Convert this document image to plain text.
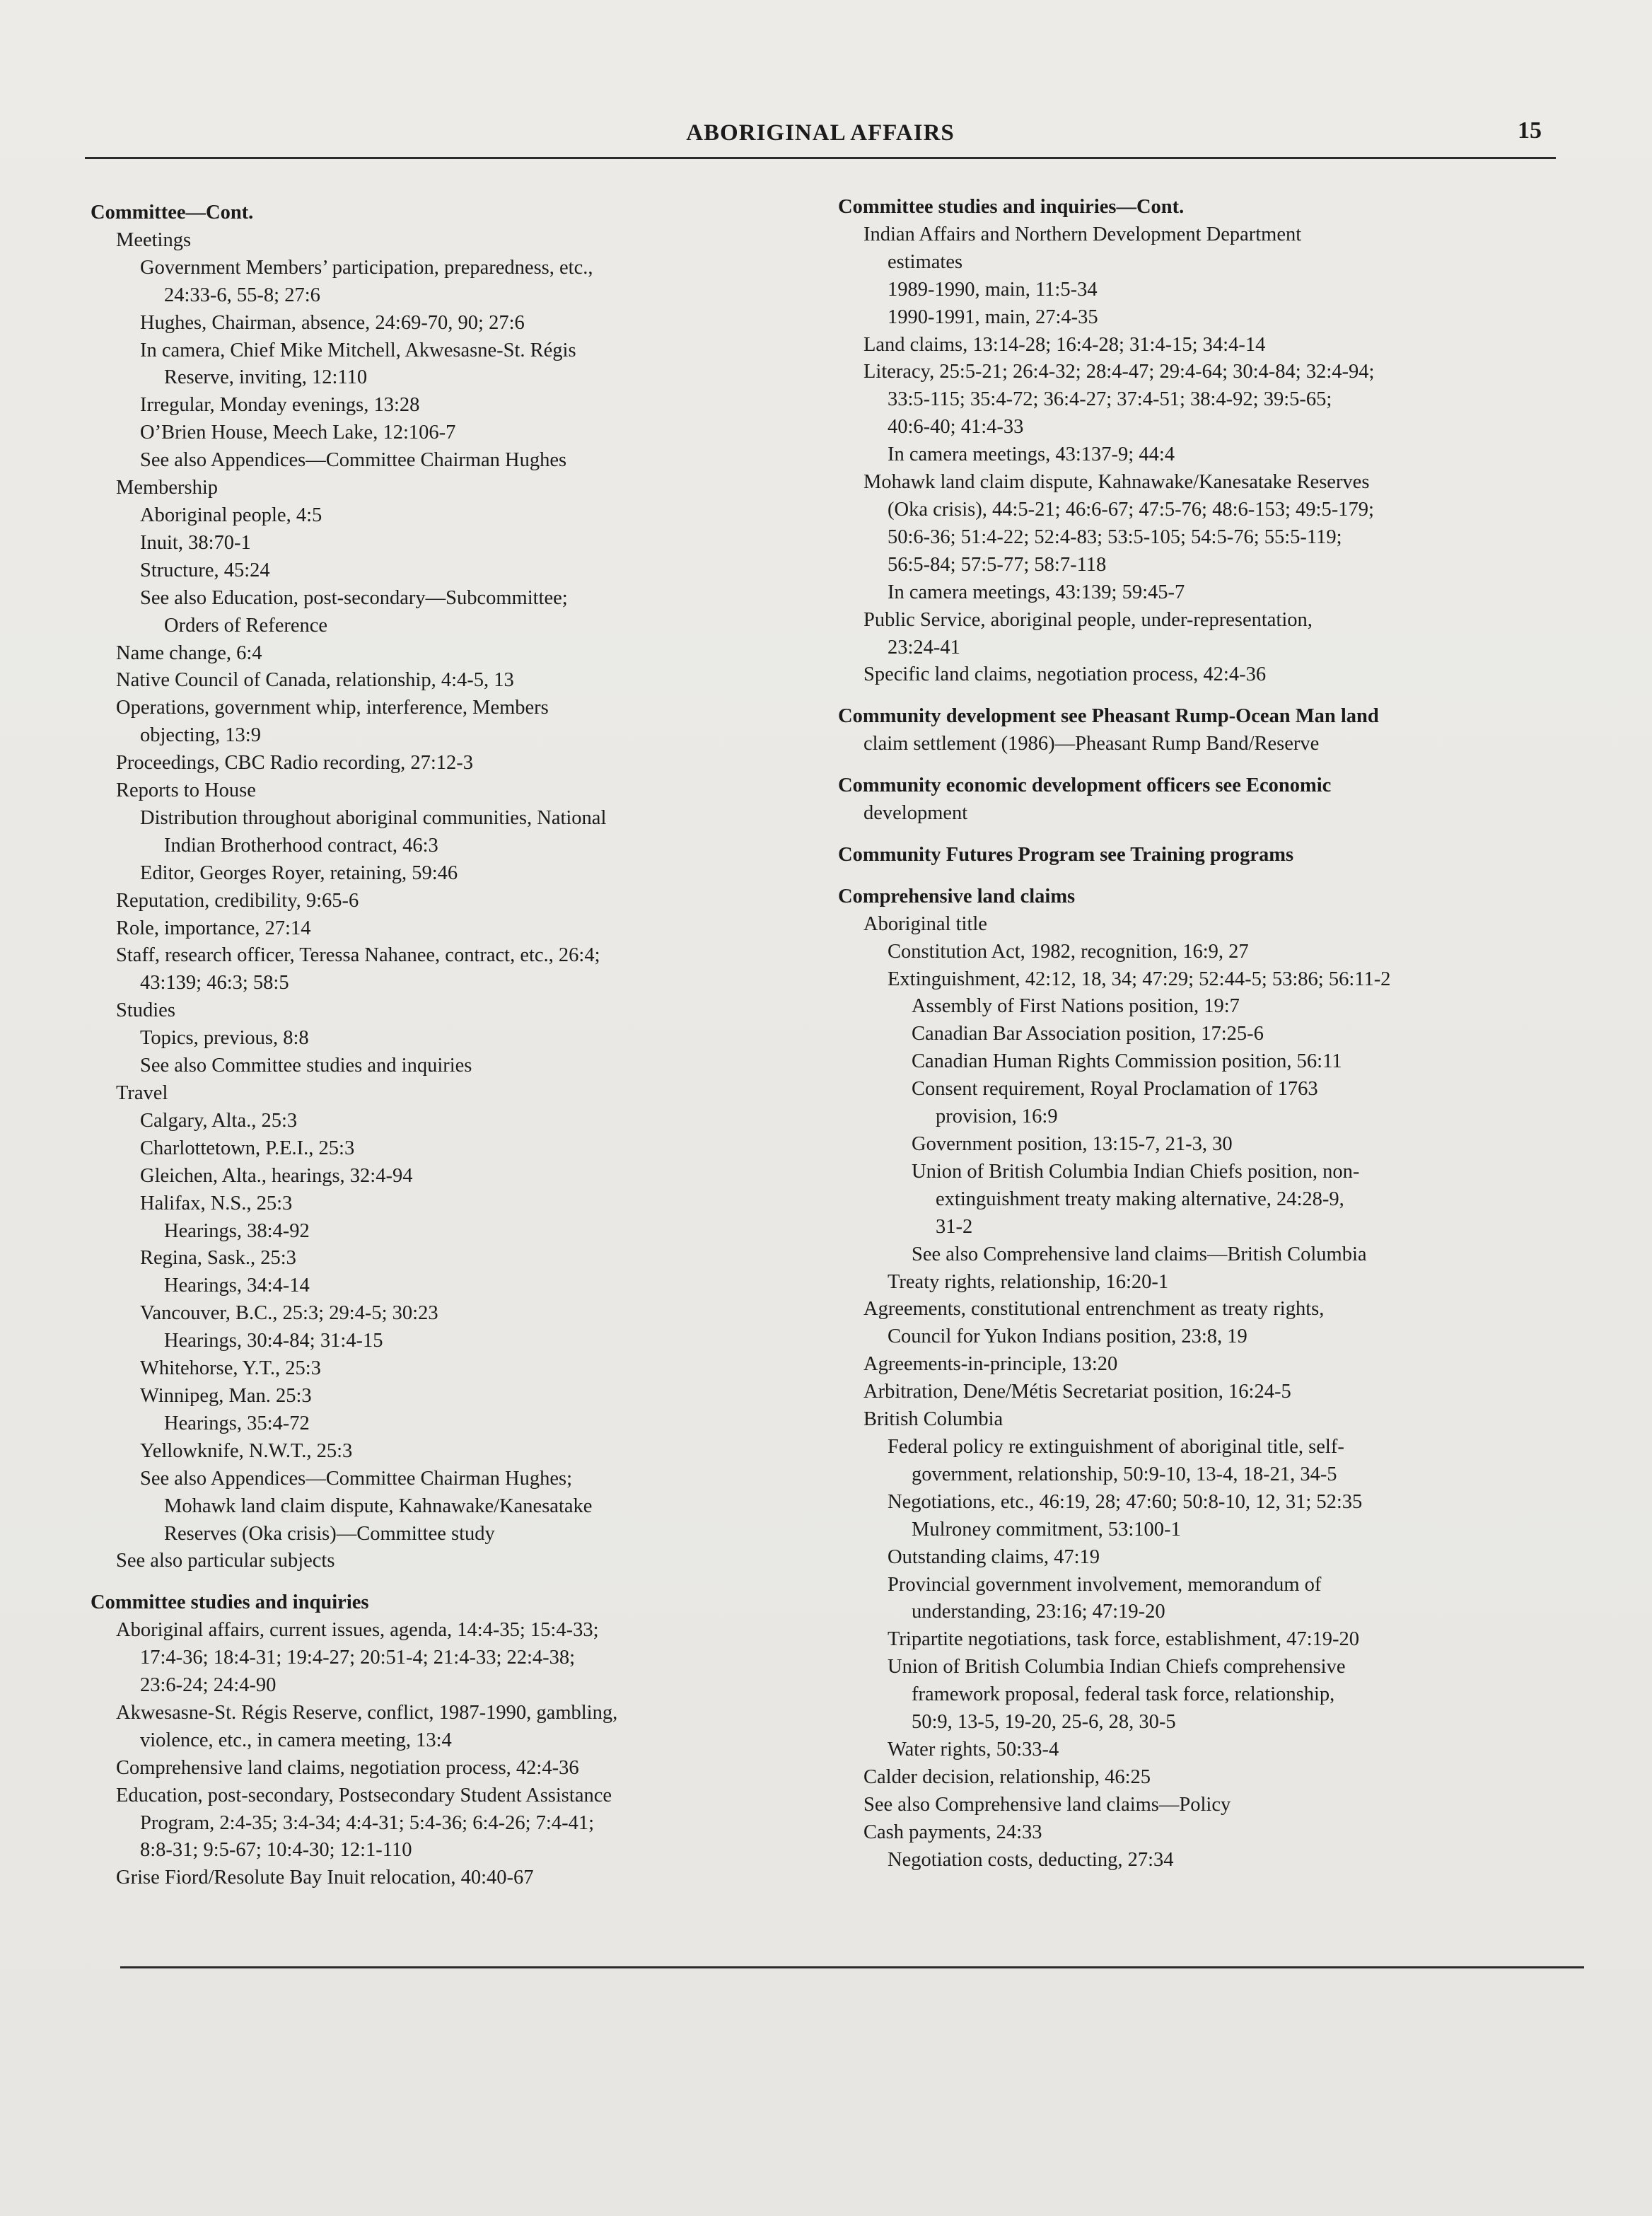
ABORIGINAL AFFAIRS	15
Committee—Cont.
Meetings
Government Members’ participation, preparedness, etc.,
24:33-6, 55-8; 27:6
Hughes, Chairman, absence, 24:69-70, 90; 27:6
In camera, Chief Mike Mitchell, Akwesasne-St. Régis
Reserve, inviting, 12:110
Irregular, Monday evenings, 13:28
O’Brien House, Meech Lake, 12:106-7
See also Appendices—Committee Chairman Hughes
Membership
Aboriginal people, 4:5
Inuit, 38:70-1
Structure, 45:24
See also Education, post-secondary—Subcommittee;
Orders of Reference
Name change, 6:4
Native Council of Canada, relationship, 4:4-5, 13
Operations, government whip, interference, Members
objecting, 13:9
Proceedings, CBC Radio recording, 27:12-3
Reports to House
Distribution throughout aboriginal communities, National
Indian Brotherhood contract, 46:3
Editor, Georges Royer, retaining, 59:46
Reputation, credibility, 9:65-6
Role, importance, 27:14
Staff, research officer, Teressa Nahanee, contract, etc., 26:4;
43:139; 46:3; 58:5
Studies
Topics, previous, 8:8
See also Committee studies and inquiries
Travel
Calgary, Alta., 25:3
Charlottetown, P.E.I., 25:3
Gleichen, Alta., hearings, 32:4-94
Halifax, N.S., 25:3
Hearings, 38:4-92
Regina, Sask., 25:3
Hearings, 34:4-14
Vancouver, B.C., 25:3; 29:4-5; 30:23
Hearings, 30:4-84; 31:4-15
Whitehorse, Y.T., 25:3
Winnipeg, Man. 25:3
Hearings, 35:4-72
Yellowknife, N.W.T., 25:3
See also Appendices—Committee Chairman Hughes;
Mohawk land claim dispute, Kahnawake/Kanesatake
Reserves (Oka crisis)—Committee study
See also particular subjects
Committee studies and inquiries
Aboriginal affairs, current issues, agenda, 14:4-35; 15:4-33;
17:4-36; 18:4-31; 19:4-27; 20:51-4; 21:4-33; 22:4-38;
23:6-24; 24:4-90
Akwesasne-St. Régis Reserve, conflict, 1987-1990, gambling,
violence, etc., in camera meeting, 13:4
Comprehensive land claims, negotiation process, 42:4-36
Education, post-secondary, Postsecondary Student Assistance
Program, 2:4-35; 3:4-34; 4:4-31; 5:4-36; 6:4-26; 7:4-41;
8:8-31; 9:5-67; 10:4-30; 12:1-110
Grise Fiord/Resolute Bay Inuit relocation, 40:40-67
Committee studies and inquiries—Cont.
Indian Affairs and Northern Development Department
estimates
1989-1990, main, 11:5-34
1990-1991, main, 27:4-35
Land claims, 13:14-28; 16:4-28; 31:4-15; 34:4-14
Literacy, 25:5-21; 26:4-32; 28:4-47; 29:4-64; 30:4-84; 32:4-94;
33:5-115; 35:4-72; 36:4-27; 37:4-51; 38:4-92; 39:5-65;
40:6-40; 41:4-33
In camera meetings, 43:137-9; 44:4
Mohawk land claim dispute, Kahnawake/Kanesatake Reserves
(Oka crisis), 44:5-21; 46:6-67; 47:5-76; 48:6-153; 49:5-179;
50:6-36; 51:4-22; 52:4-83; 53:5-105; 54:5-76; 55:5-119;
56:5-84; 57:5-77; 58:7-118
In camera meetings, 43:139; 59:45-7
Public Service, aboriginal people, under-representation,
23:24-41
Specific land claims, negotiation process, 42:4-36
Community development see Pheasant Rump-Ocean Man land
claim settlement (1986)—Pheasant Rump Band/Reserve
Community economic development officers see Economic
development
Community Futures Program see Training programs
Comprehensive land claims
Aboriginal title
Constitution Act, 1982, recognition, 16:9, 27
Extinguishment, 42:12, 18, 34; 47:29; 52:44-5; 53:86; 56:11-2
Assembly of First Nations position, 19:7
Canadian Bar Association position, 17:25-6
Canadian Human Rights Commission position, 56:11
Consent requirement, Royal Proclamation of 1763
provision, 16:9
Government position, 13:15-7, 21-3, 30
Union of British Columbia Indian Chiefs position, non-
extinguishment treaty making alternative, 24:28-9,
31-2
See also Comprehensive land claims—British Columbia
Treaty rights, relationship, 16:20-1
Agreements, constitutional entrenchment as treaty rights,
Council for Yukon Indians position, 23:8, 19
Agreements-in-principle, 13:20
Arbitration, Dene/Métis Secretariat position, 16:24-5
British Columbia
Federal policy re extinguishment of aboriginal title, self-
government, relationship, 50:9-10, 13-4, 18-21, 34-5
Negotiations, etc., 46:19, 28; 47:60; 50:8-10, 12, 31; 52:35
Mulroney commitment, 53:100-1
Outstanding claims, 47:19
Provincial government involvement, memorandum of
understanding, 23:16; 47:19-20
Tripartite negotiations, task force, establishment, 47:19-20
Union of British Columbia Indian Chiefs comprehensive
framework proposal, federal task force, relationship,
50:9, 13-5, 19-20, 25-6, 28, 30-5
Water rights, 50:33-4
Calder decision, relationship, 46:25
See also Comprehensive land claims—Policy
Cash payments, 24:33
Negotiation costs, deducting, 27:34
